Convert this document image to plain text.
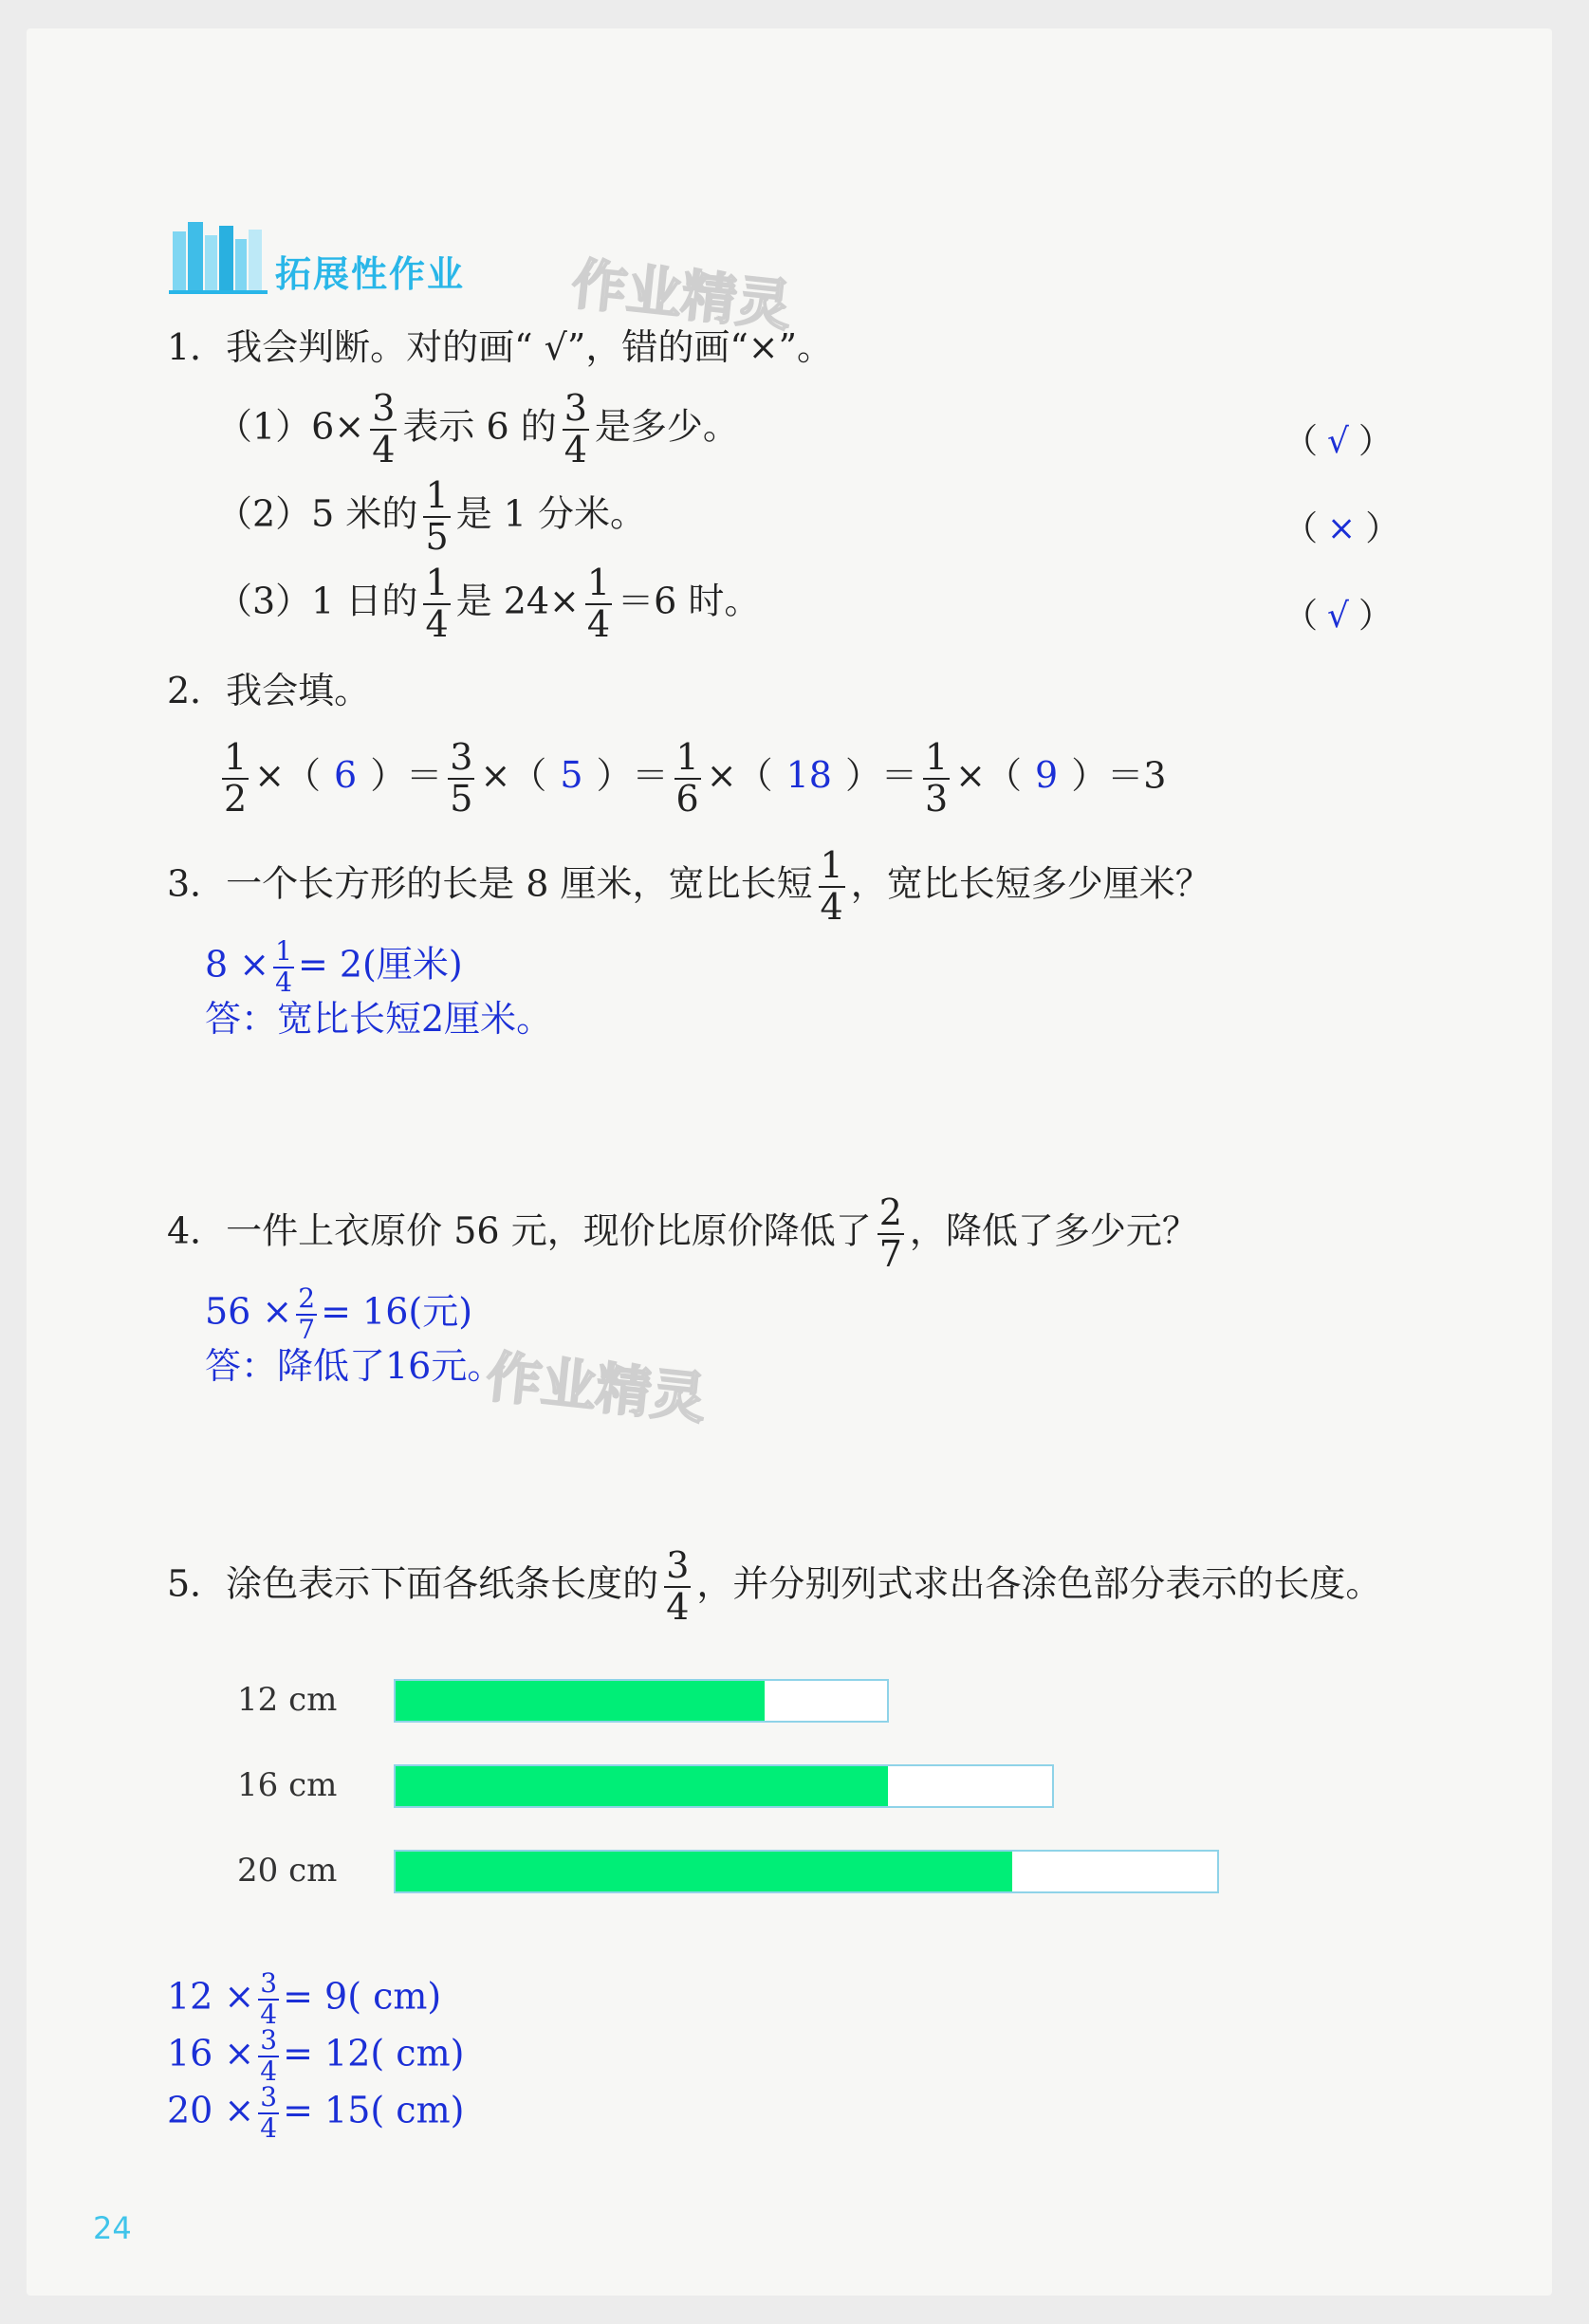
拓展性作业 作业精灵
1．我会判断。对的画“ √”，错的画“×”。
$(1)6\times \frac{3}{4}$ 表示 6 的 $\frac{3}{4}$ 是多少。	（ √ ）
（2）5 米的 $\frac{1}{5}$ 是 1 分米。	（ × ）
（3）1 日的 $\frac{1}{4}$ 是 $24\times \frac{1}{4} =6$ 时。	（ √ ）
2．我会填。
$\frac{1}{2}$ ×（ 6 ）＝ $\frac{3}{5}$ ×（ 5 ）＝ $\frac{1}{6}$ ×（ 18 ）＝ $\frac{1}{3}$ ×（ 9 ）＝3
3．一个长方形的长是 8 厘米，宽比长短 $\frac{1}{4}$ ，宽比长短多少厘米？
$8 \times \frac{1}{4} = 2$(厘米)
答：宽比长短2厘米。
4．一件上衣原价 56 元，现价比原价降低了 $\frac{2}{7}$ ，降低了多少元？
$56 \times \frac{2}{7} = 16$(元)
答：降低了16元。
作业精灵
5．涂色表示下面各纸条长度的 $\frac{3}{4}$ ，并分别列式求出各涂色部分表示的长度。
12 cm
16 cm
20 cm
$12 \times \frac{3}{4} = 9$( cm)
$16 \times \frac{3}{4} = 12$( cm)
$20 \times \frac{3}{4} = 15$( cm)
24
